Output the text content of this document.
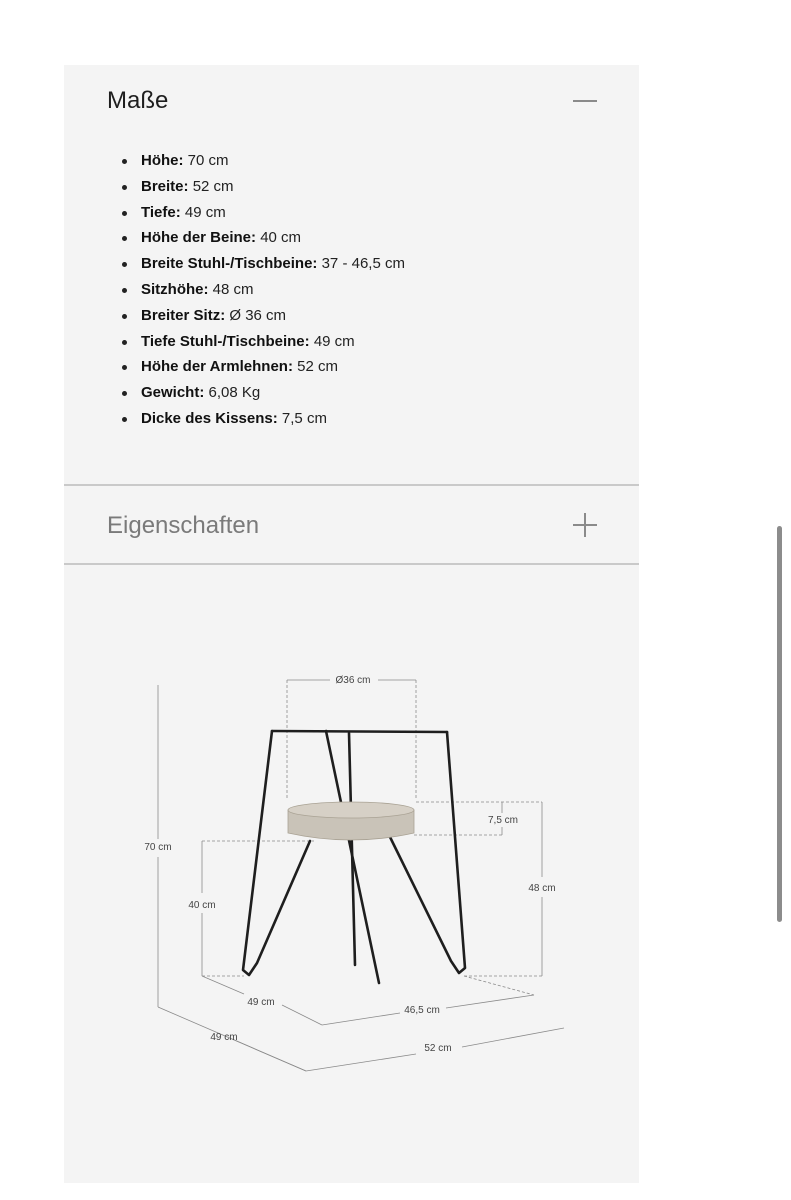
Maße
Höhe: 70 cm
Breite: 52 cm
Tiefe: 49 cm
Höhe der Beine: 40 cm
Breite Stuhl-/Tischbeine: 37 - 46,5 cm
Sitzhöhe: 48 cm
Breiter Sitz: Ø 36 cm
Tiefe Stuhl-/Tischbeine: 49 cm
Höhe der Armlehnen: 52 cm
Gewicht: 6,08 Kg
Dicke des Kissens: 7,5 cm
Eigenschaften
Ø36 cm
7,5 cm
70 cm
48 cm
40 cm
49 cm
46,5 cm
49 cm
52 cm
